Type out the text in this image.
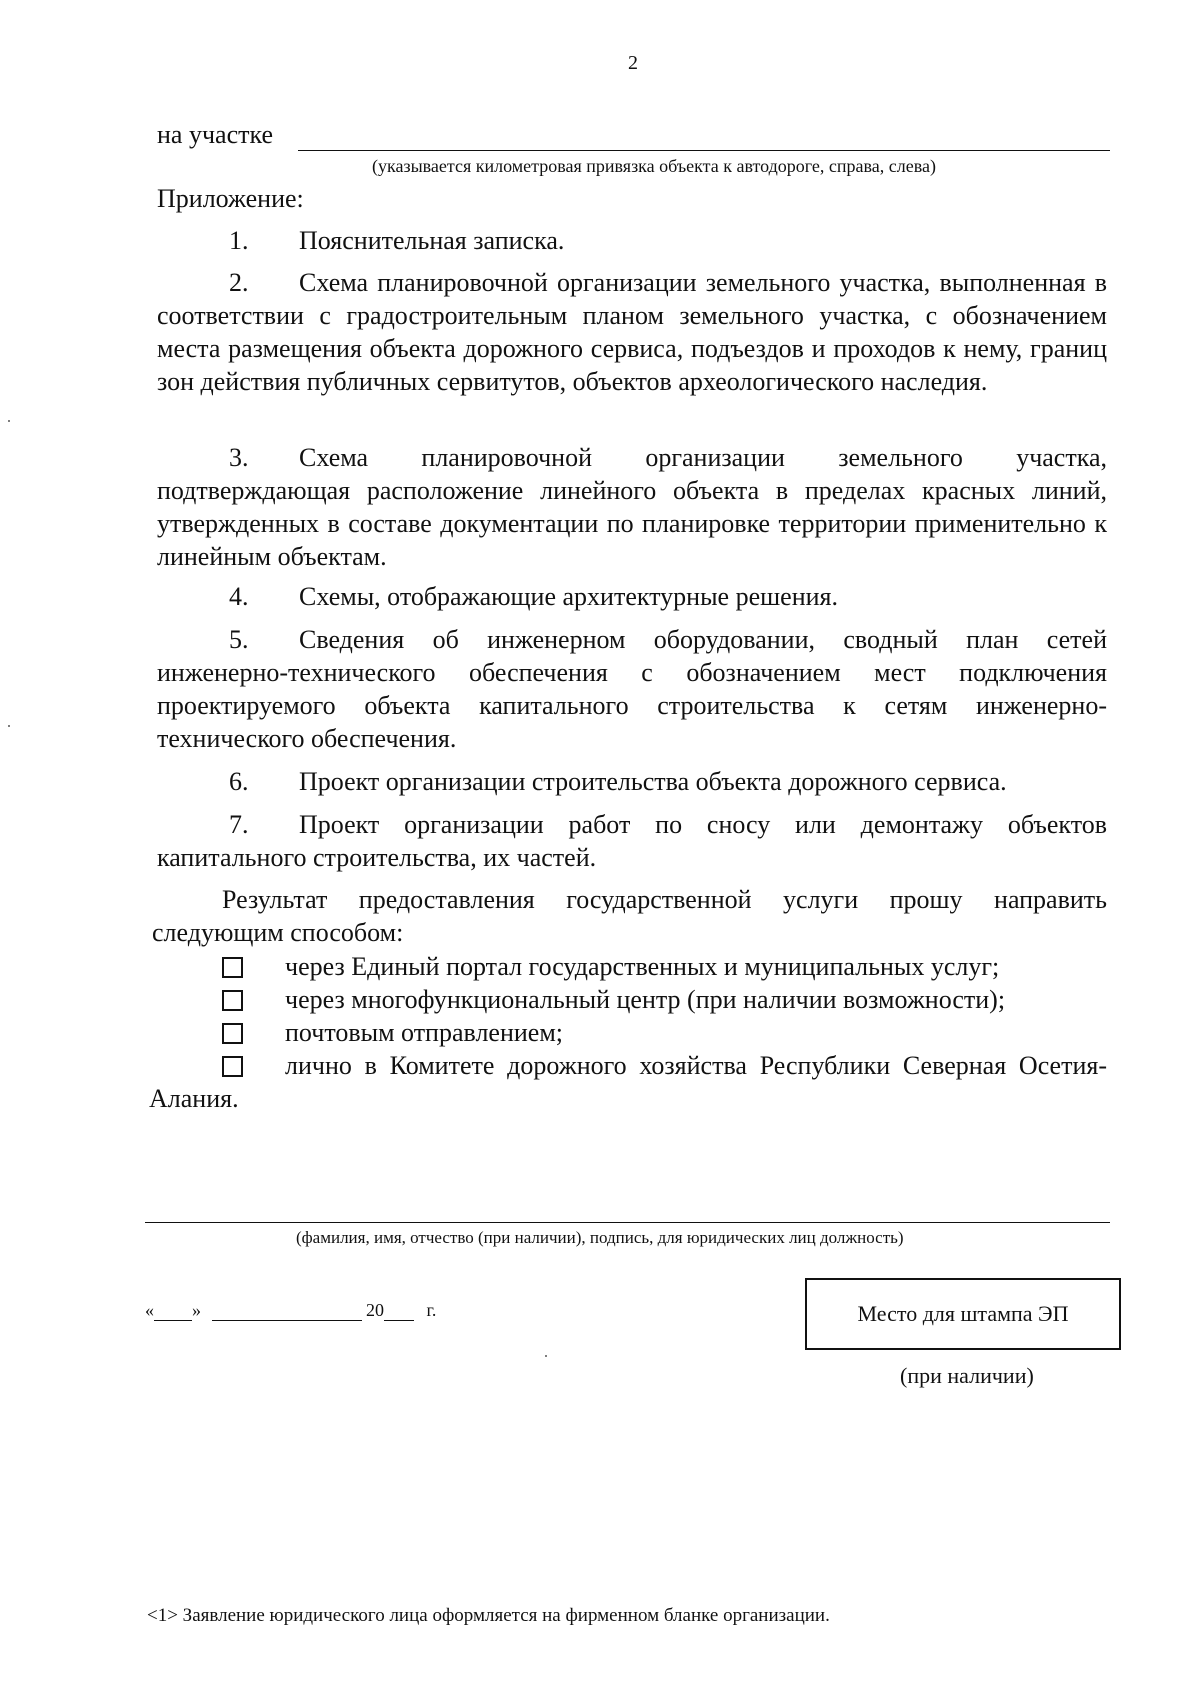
2
на участке
(указывается километровая привязка объекта к автодороге, справа, слева)
Приложение:
1. Пояснительная записка.
2. Схема планировочной организации земельного участка, выполненная в соответствии с градостроительным планом земельного участка, с обозначением места размещения объекта дорожного сервиса, подъездов и проходов к нему, границ зон действия публичных сервитутов, объектов археологического наследия.
3. Схема планировочной организации земельного участка, подтверждающая расположение линейного объекта в пределах красных линий, утвержденных в составе документации по планировке территории применительно к линейным объектам.
4. Схемы, отображающие архитектурные решения.
5. Сведения об инженерном оборудовании, сводный план сетей инженерно-технического обеспечения с обозначением мест подключения проектируемого объекта капитального строительства к сетям инженерно- технического обеспечения.
6. Проект организации строительства объекта дорожного сервиса.
7. Проект организации работ по сносу или демонтажу объектов капитального строительства, их частей.
Результат предоставления государственной услуги прошу направить следующим способом:
через Единый портал государственных и муниципальных услуг;
через многофункциональный центр (при наличии возможности);
почтовым отправлением;
лично в Комитете дорожного хозяйства Республики Северная Осетия-Алания.
(фамилия, имя, отчество (при наличии), подпись, для юридических лиц должность)
« »	20 г.	Место для штампа ЭП
(при наличии)
<1> Заявление юридического лица оформляется на фирменном бланке организации.
